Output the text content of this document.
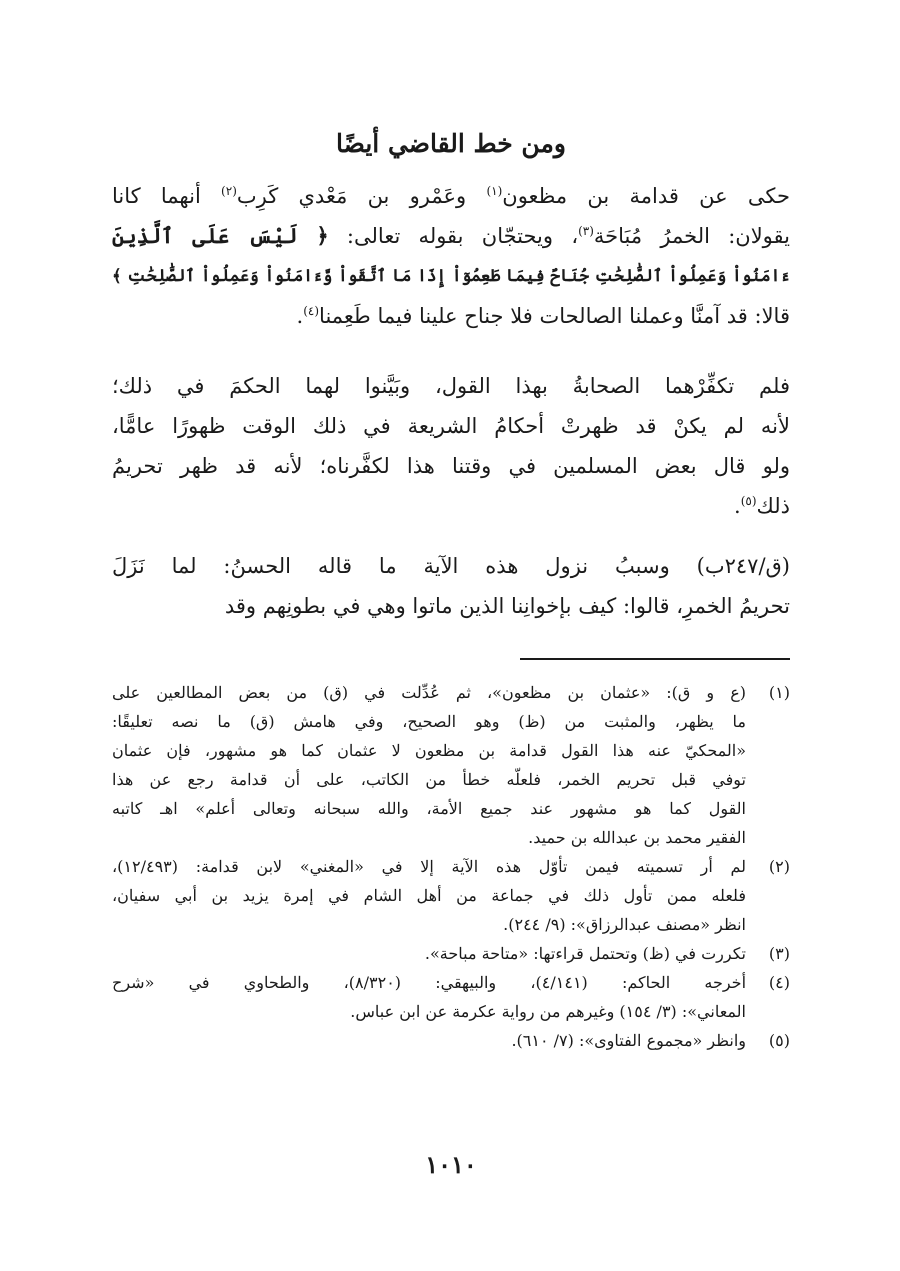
ومن خط القاضي أيضًا
حكى عن قدامة بن مظعون$^{(١)}$ وعَمْرو بن مَعْدي كَرِب$^{(٢)}$ أنهما كانا
يقولان: الخمرُ مُبَاحَة$^{(٣)}$، ويحتجّان بقوله تعالى: ﴿ لَيْسَ عَلَى ٱلَّذِينَ
ءَامَنُواْ وَعَمِلُواْ ٱلصَّٰلِحَٰتِ جُنَاحٌ فِيمَا طَعِمُوٓاْ إِذَا مَا ٱتَّقَواْ وَّءَامَنُواْ وَعَمِلُواْ ٱلصَّٰلِحَٰتِ ﴾
قالا: قد آمنَّا وعملنا الصالحات فلا جناح علينا فيما طَعِمنا$^{(٤)}$.
فلم تكفِّرْهما الصحابةُ بهذا القول، وبَيَّنوا لهما الحكمَ في ذلك؛
لأنه لم يكنْ قد ظهرتْ أحكامُ الشريعة في ذلك الوقت ظهورًا عامًّا،
ولو قال بعض المسلمين في وقتنا هذا لكفَّرناه؛ لأنه قد ظهر تحريمُ
ذلك$^{(٥)}$.
(ق/٢٤٧ب) وسببُ نزول هذه الآية ما قاله الحسنُ: لما نَزَلَ
تحريمُ الخمرِ، قالوا: كيف بإخوانِنا الذين ماتوا وهي في بطونِهم وقد
(١)
(ع و ق): «عثمان بن مظعون»، ثم عُدِّلت في (ق) من بعض المطالعين على
ما يظهر، والمثبت من (ظ) وهو الصحيح، وفي هامش (ق) ما نصه تعليقًا:
«المحكيّ عنه هذا القول قدامة بن مظعون لا عثمان كما هو مشهور، فإن عثمان
توفي قبل تحريم الخمر، فلعلّه خطأ من الكاتب، على أن قدامة رجع عن هذا
القول كما هو مشهور عند جميع الأمة، والله سبحانه وتعالى أعلم» اهـ كاتبه
الفقير محمد بن عبدالله بن حميد.
(٢)
لم أر تسميته فيمن تأوّل هذه الآية إلا في «المغني» لابن قدامة: (١٢/٤٩٣)،
فلعله ممن تأول ذلك في جماعة من أهل الشام في إمرة يزيد بن أبي سفيان،
انظر «مصنف عبدالرزاق»: (٩/ ٢٤٤).
(٣)
تكررت في (ظ) وتحتمل قراءتها: «متاحة مباحة».
(٤)
أخرجه الحاكم: (٤/١٤١)، والبيهقي: (٨/٣٢٠)، والطحاوي في «شرح
المعاني»: (٣/ ١٥٤) وغيرهم من رواية عكرمة عن ابن عباس.
(٥)
وانظر «مجموع الفتاوى»: (٧/ ٦١٠).
١٠١٠
